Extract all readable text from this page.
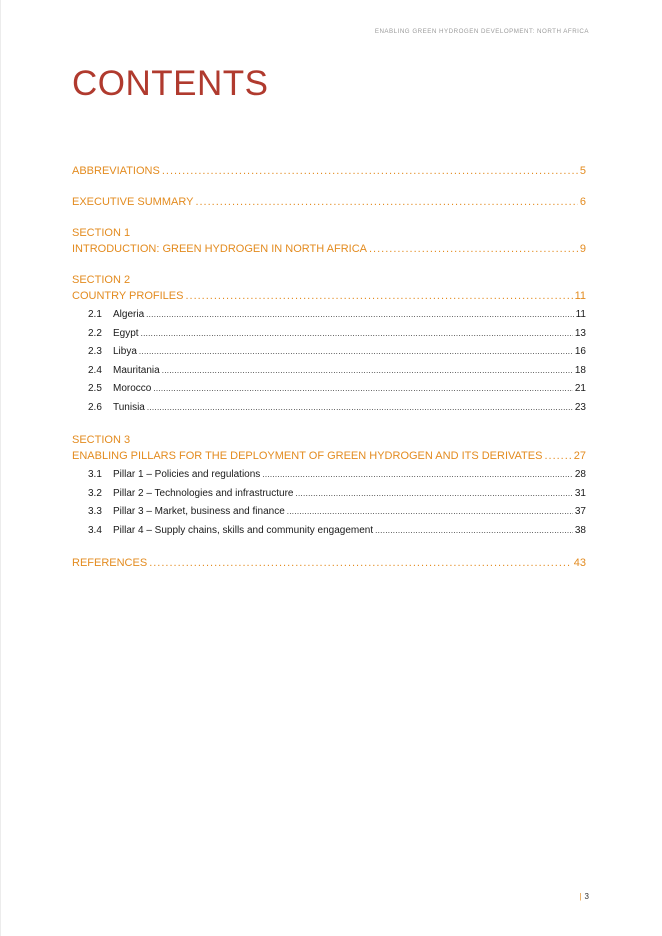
ENABLING GREEN HYDROGEN DEVELOPMENT: NORTH AFRICA
CONTENTS
ABBREVIATIONS .....	5
EXECUTIVE SUMMARY .....	6
SECTION 1
INTRODUCTION: GREEN HYDROGEN IN NORTH AFRICA .....	9
SECTION 2
COUNTRY PROFILES .....	11
2.1	Algeria .....	11
2.2	Egypt .....	13
2.3	Libya .....	16
2.4	Mauritania .....	18
2.5	Morocco .....	21
2.6	Tunisia .....	23
SECTION 3
ENABLING PILLARS FOR THE DEPLOYMENT OF GREEN HYDROGEN AND ITS DERIVATES .....	27
3.1	Pillar 1 – Policies and regulations .....	28
3.2	Pillar 2 – Technologies and infrastructure .....	31
3.3	Pillar 3 – Market, business and finance .....	37
3.4	Pillar 4 – Supply chains, skills and community engagement .....	38
REFERENCES .....	43
| 3
